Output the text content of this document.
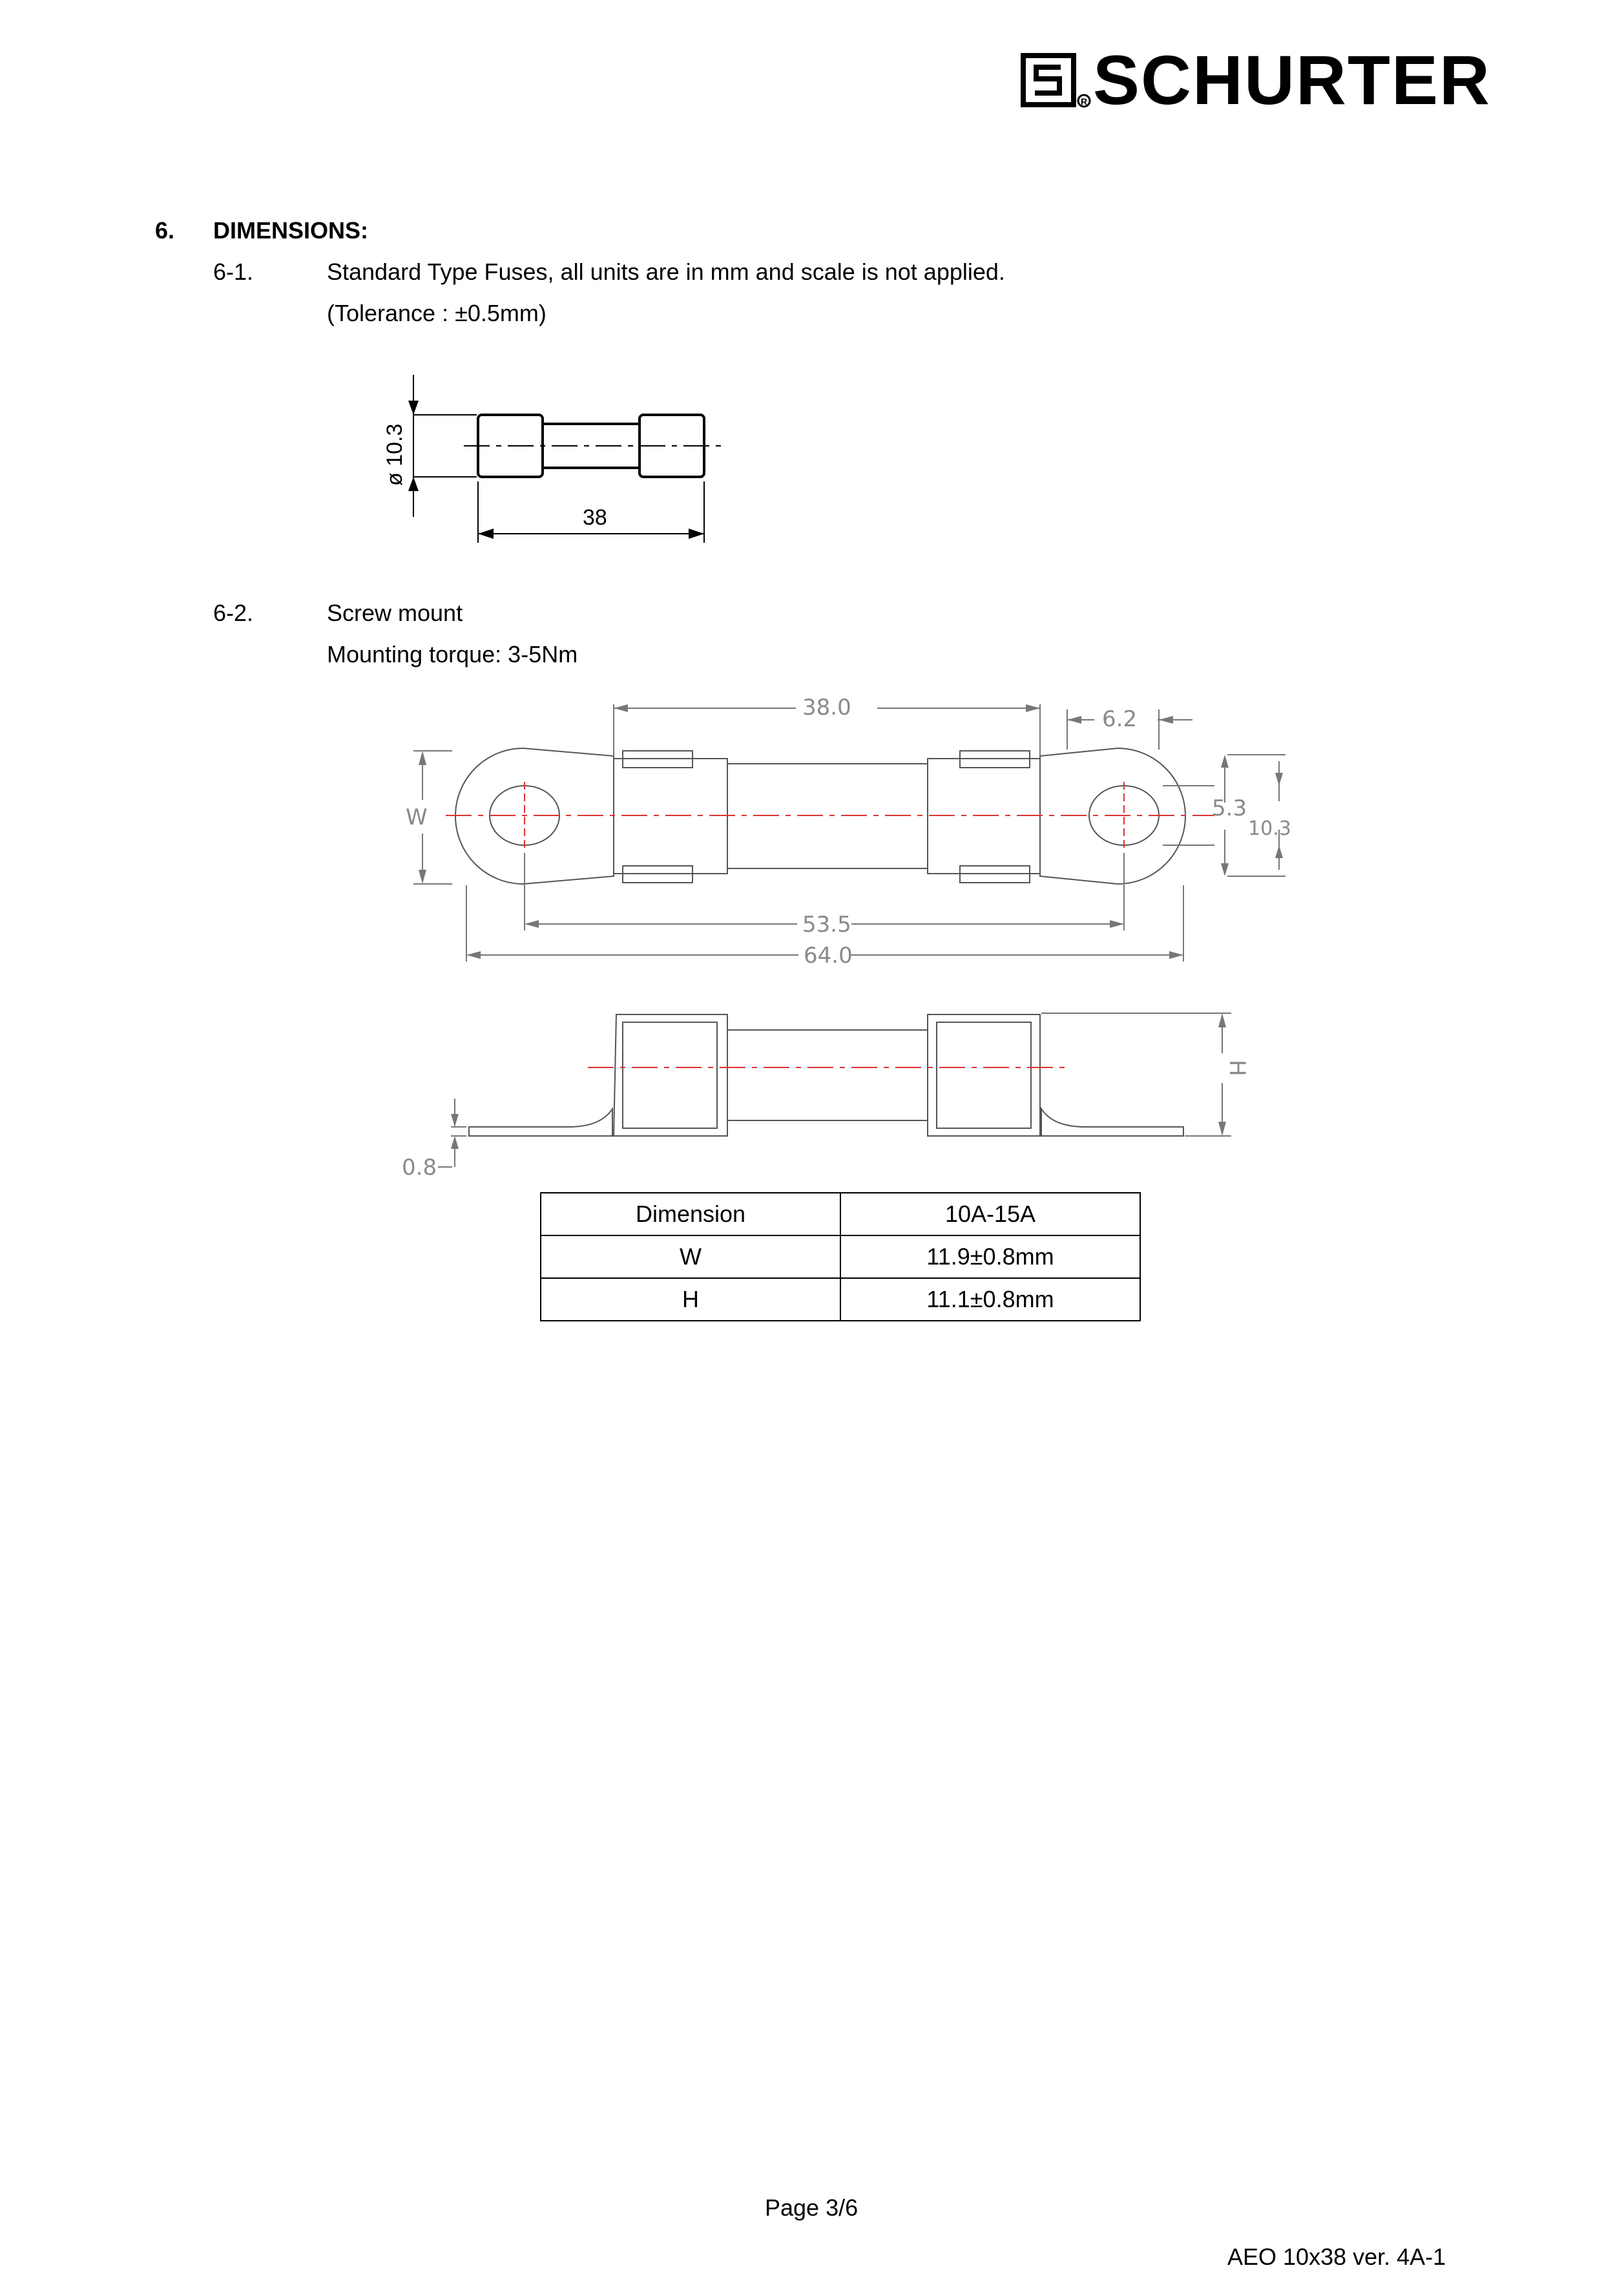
R SCHURTER
6. DIMENSIONS:
6-1.	Standard Type Fuses, all units are in mm and scale is not applied.
(Tolerance : ±0.5mm)
ø 10.3
38
6-2.	Screw mount
Mounting torque: 3-5Nm
38.0	6.2
5.3
10.3
W
53.5
64.0
H
0.8
Dimension	10A-15A
W	11.9±0.8mm
H	11.1±0.8mm
Page 3/6
AEO 10x38 ver. 4A-1
